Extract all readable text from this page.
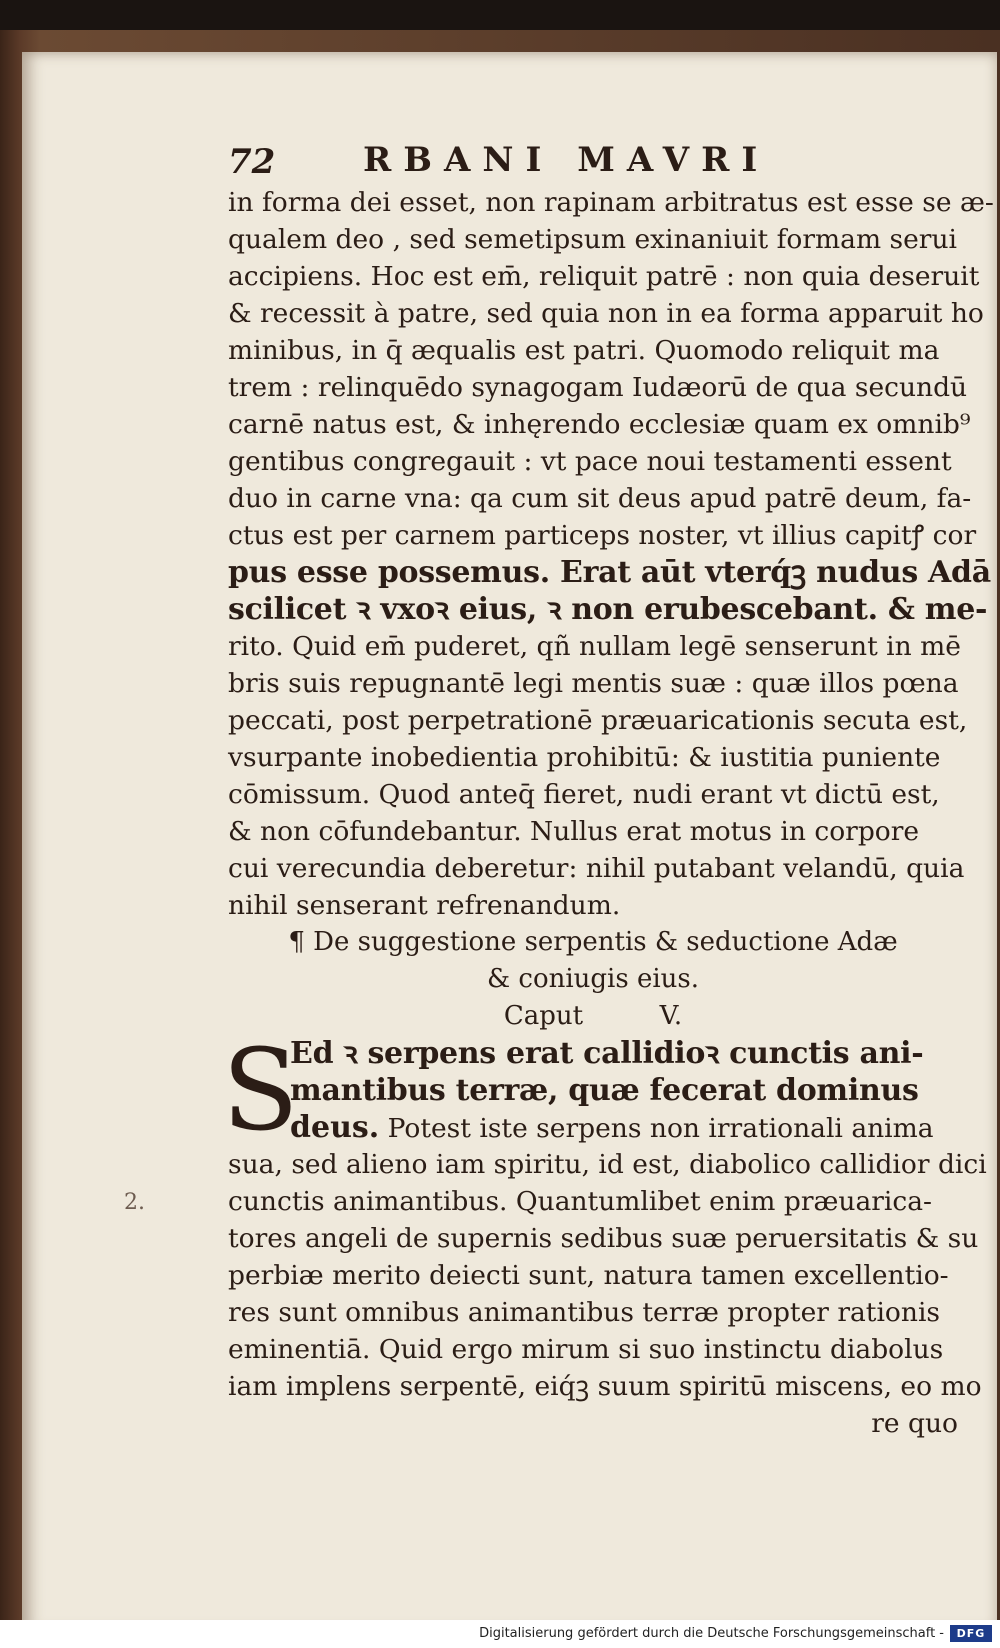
72	RBANI MAVRI
in forma dei esset, non rapinam arbitratus est esse se æ-
qualem deo , sed semetipsum exinaniuit formam serui
accipiens. Hoc est em̄, reliquit patrē : non quia deseruit
& recessit à patre, sed quia non in ea forma apparuit ho
minibus, in q̄ æqualis est patri. Quomodo reliquit ma
trem : relinquēdo synagogam Iudæorū de qua secundū
carnē natus est, & inhęrendo ecclesiæ quam ex omnib⁹
gentibus congregauit : vt pace noui testamenti essent
duo in carne vna: qa cum sit deus apud patrē deum, fa-
ctus est per carnem particeps noster, vt illius capitꝭ cor
pus esse possemus. Erat aūt vterq́ꝫ nudus Adā
scilicet ꝛ vxoꝛ eius, ꝛ non erubescebant. & me-
rito. Quid em̄ puderet, qñ nullam legē senserunt in mē
bris suis repugnantē legi mentis suæ : quæ illos pœna
peccati, post perpetrationē præuaricationis secuta est,
vsurpante inobedientia prohibitū: & iustitia puniente
cōmissum. Quod anteq̄ fieret, nudi erant vt dictū est,
& non cōfundebantur. Nullus erat motus in corpore
cui verecundia deberetur: nihil putabant velandū, quia
nihil senserant refrenandum.
¶ De suggestione serpentis & seductione Adæ
& coniugis eius.
Caput	V.
S
Ed ꝛ serpens erat callidioꝛ cunctis ani-
mantibus terræ, quæ fecerat dominus
deus. Potest iste serpens non irrationali anima
sua, sed alieno iam spiritu, id est, diabolico callidior dici
cunctis animantibus. Quantumlibet enim præuarica-
tores angeli de supernis sedibus suæ peruersitatis & su
perbiæ merito deiecti sunt, natura tamen excellentio-
res sunt omnibus animantibus terræ propter rationis
eminentiā. Quid ergo mirum si suo instinctu diabolus
iam implens serpentē, eiq́ꝫ suum spiritū miscens, eo mo
re quo
2.
Digitalisierung gefördert durch die Deutsche Forschungsgemeinschaft -	DFG
